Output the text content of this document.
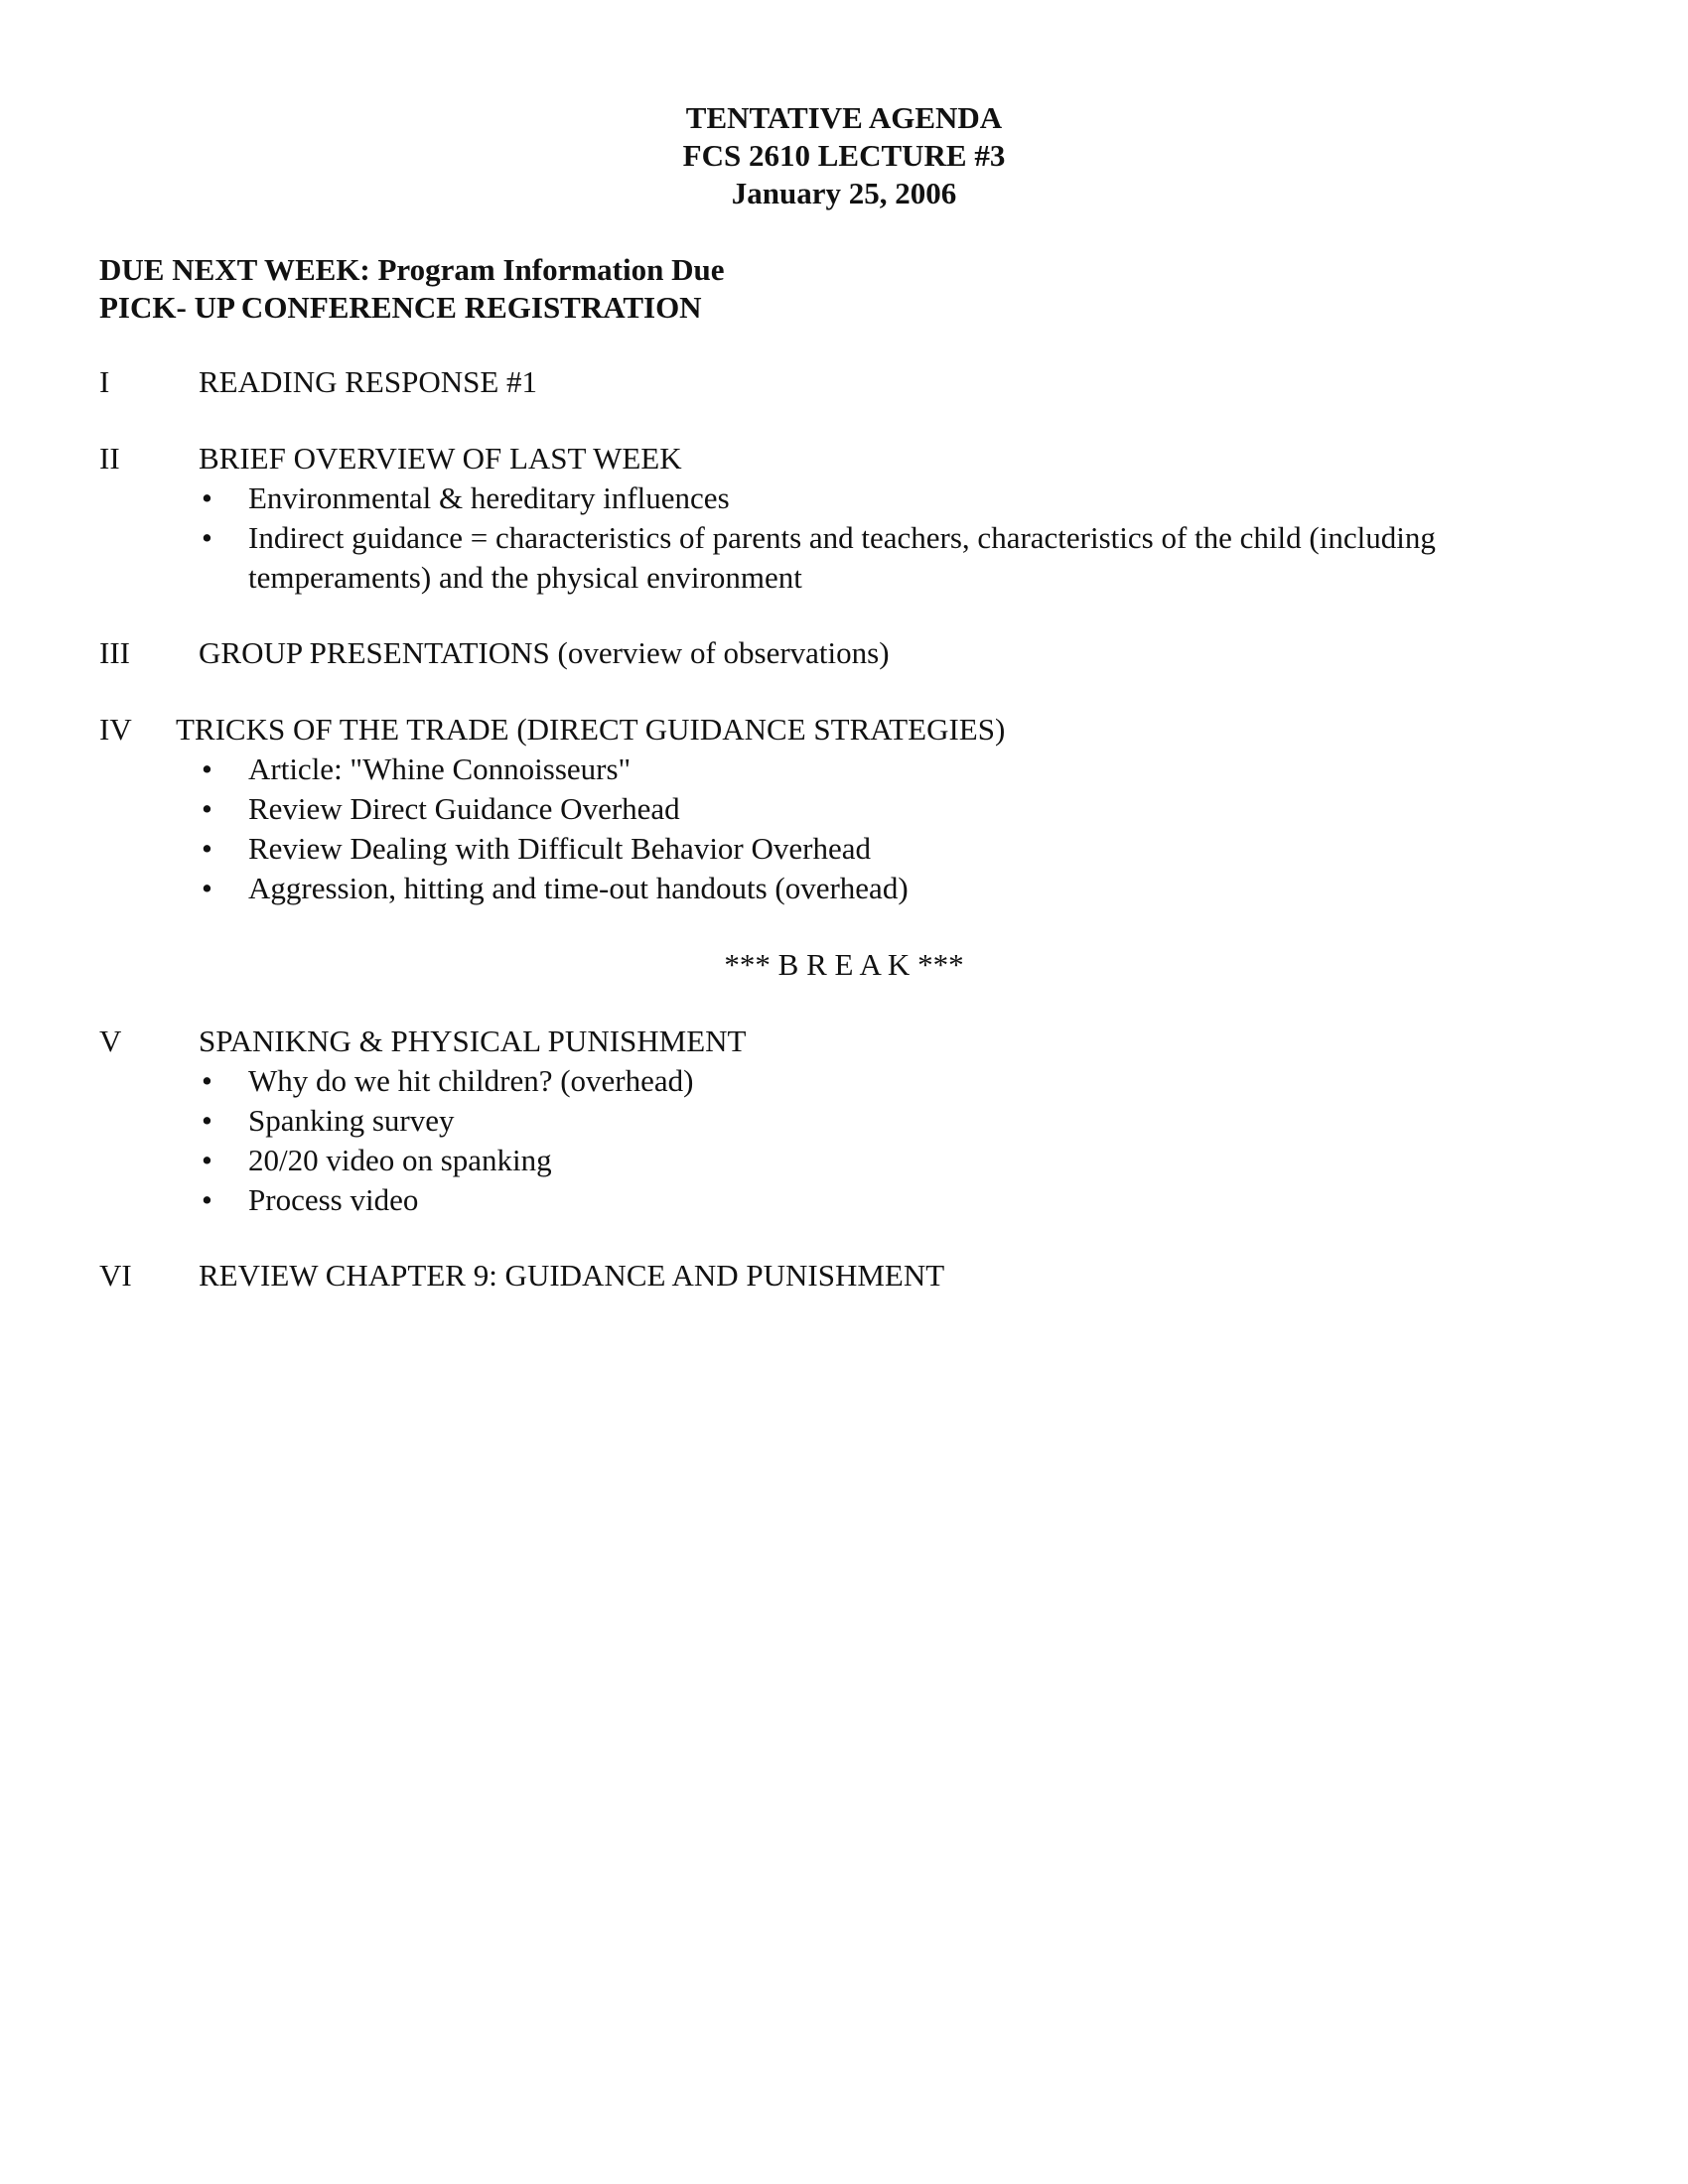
TENTATIVE AGENDA
FCS 2610 LECTURE #3
January 25, 2006
DUE NEXT WEEK: Program Information Due
PICK- UP CONFERENCE REGISTRATION
I	READING RESPONSE #1
II	BRIEF OVERVIEW OF LAST WEEK
• Environmental & hereditary influences
• Indirect guidance = characteristics of parents and teachers, characteristics of the child (including temperaments) and the physical environment
III GROUP PRESENTATIONS (overview of observations)
IV TRICKS OF THE TRADE (DIRECT GUIDANCE STRATEGIES)
• Article: "Whine Connoisseurs"
• Review Direct Guidance Overhead
• Review Dealing with Difficult Behavior Overhead
• Aggression, hitting and time-out handouts (overhead)
*** B R E A K ***
V	SPANIKNG & PHYSICAL PUNISHMENT
• Why do we hit children? (overhead)
• Spanking survey
• 20/20 video on spanking
• Process video
VI REVIEW CHAPTER 9: GUIDANCE AND PUNISHMENT
